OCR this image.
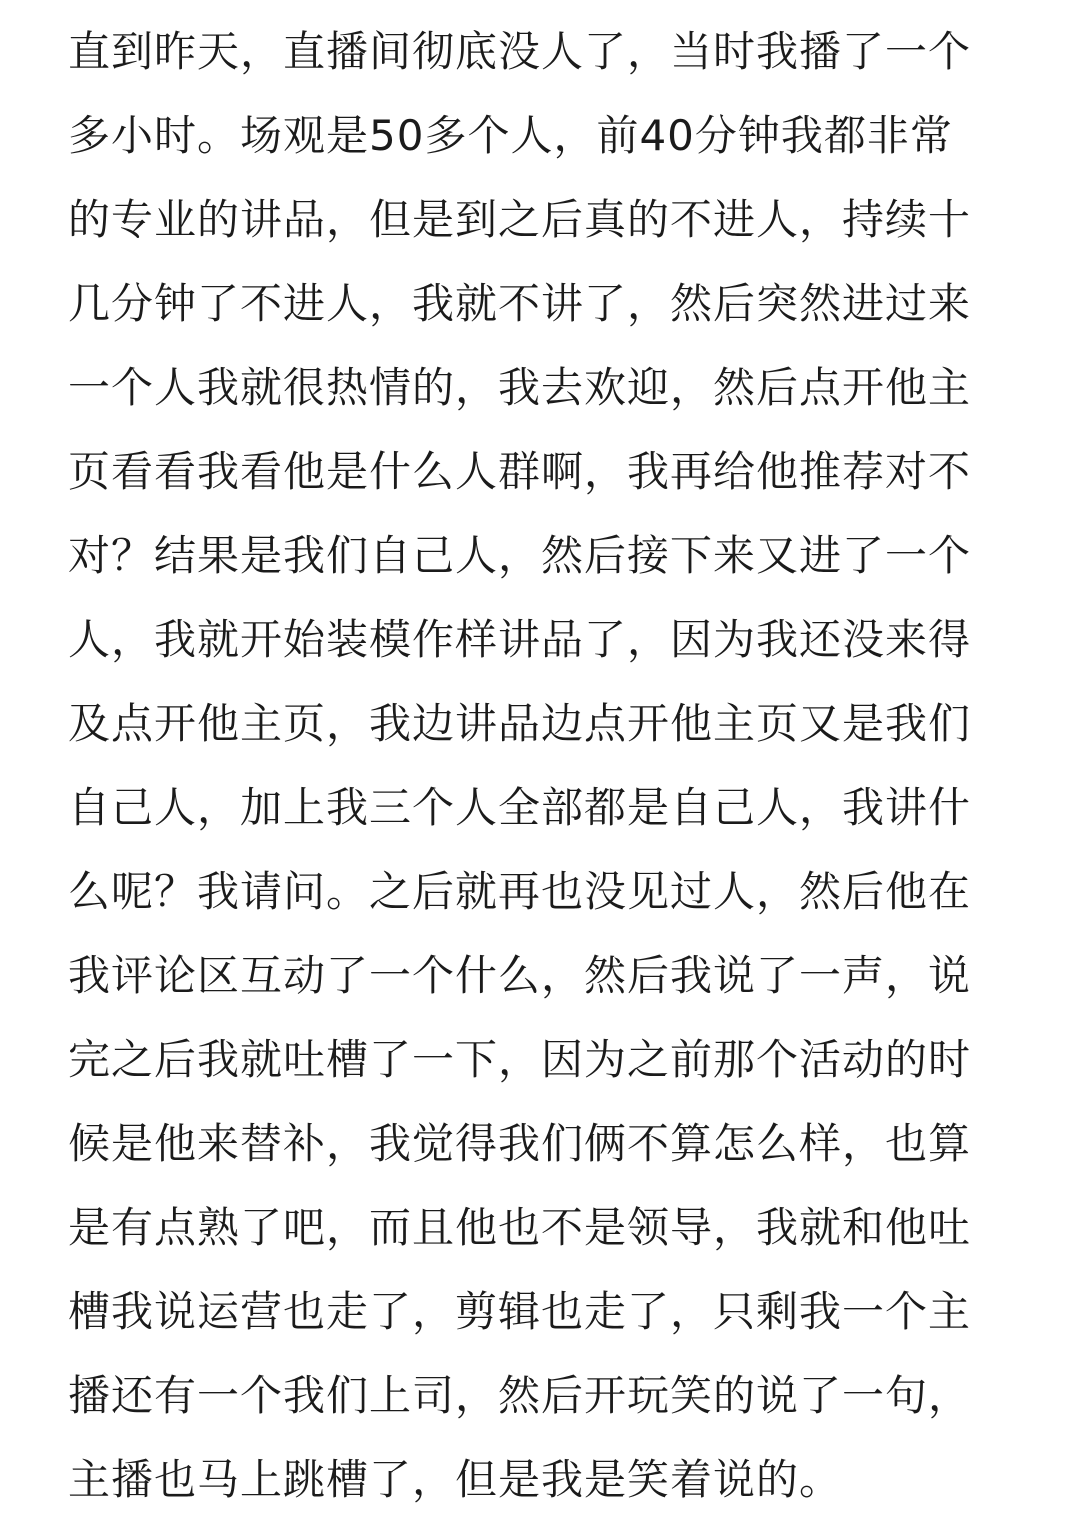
直到昨天，直播间彻底没人了，当时我播了一个
多小时。场观是50多个人，前40分钟我都非常
的专业的讲品，但是到之后真的不进人，持续十
几分钟了不进人，我就不讲了，然后突然进过来
一个人我就很热情的，我去欢迎，然后点开他主
页看看我看他是什么人群啊，我再给他推荐对不
对？结果是我们自己人，然后接下来又进了一个
人，我就开始装模作样讲品了，因为我还没来得
及点开他主页，我边讲品边点开他主页又是我们
自己人，加上我三个人全部都是自己人，我讲什
么呢？我请问。之后就再也没见过人，然后他在
我评论区互动了一个什么，然后我说了一声，说
完之后我就吐槽了一下，因为之前那个活动的时
候是他来替补，我觉得我们俩不算怎么样，也算
是有点熟了吧，而且他也不是领导，我就和他吐
槽我说运营也走了，剪辑也走了，只剩我一个主
播还有一个我们上司，然后开玩笑的说了一句，
主播也马上跳槽了，但是我是笑着说的。
